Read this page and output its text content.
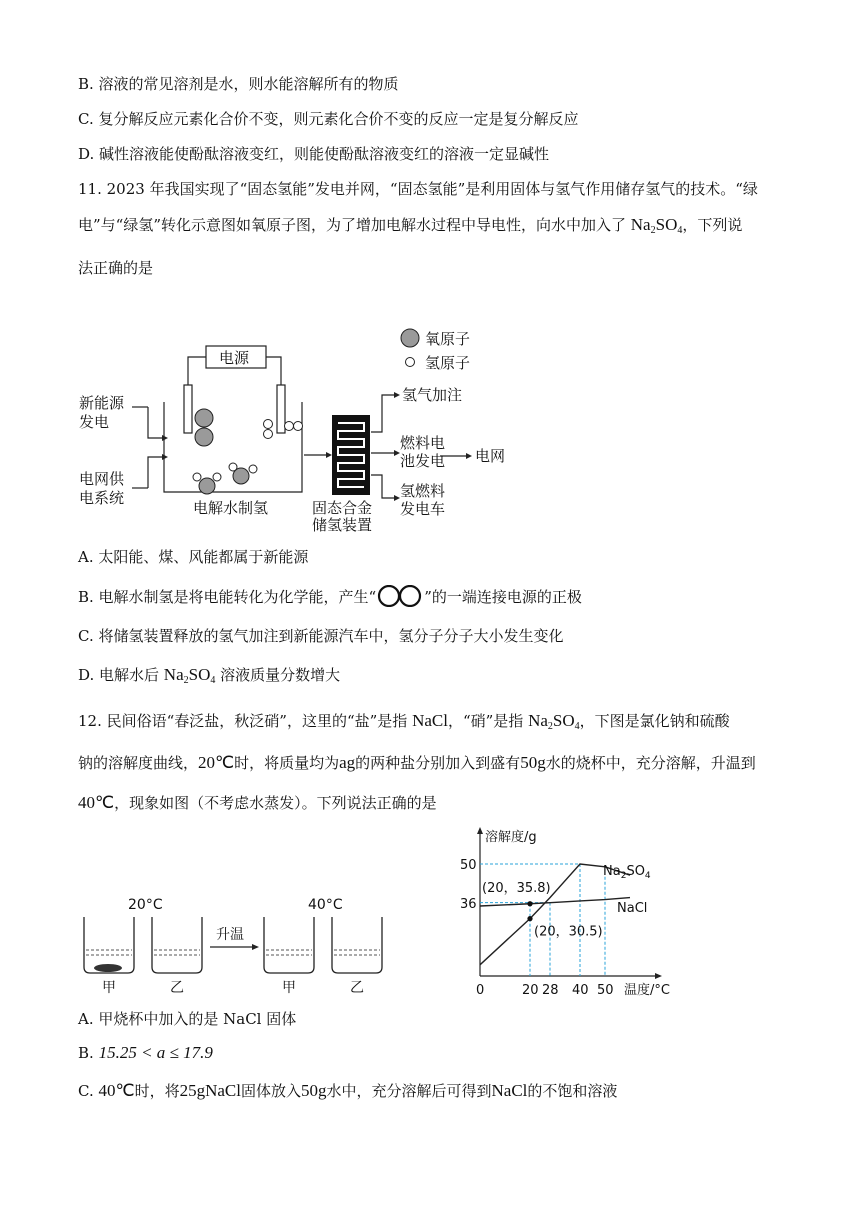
B. 溶液的常见溶剂是水，则水能溶解所有的物质
C. 复分解反应元素化合价不变，则元素化合价不变的反应一定是复分解反应
D. 碱性溶液能使酚酞溶液变红，则能使酚酞溶液变红的溶液一定显碱性
11. 2023 年我国实现了“固态氢能”发电并网，“固态氢能”是利用固体与氢气作用储存氢气的技术。“绿
电”与“绿氢”转化示意图如氧原子图，为了增加电解水过程中导电性，向水中加入了 $Na_2SO_4$，下列说
法正确的是
电源
氧原子
氢原子
新能源
发电
电网供
电系统
电解水制氢	固态合金
储氢装置
氢气加注
燃料电
池发电 电网
氢燃料
发电车
A. 太阳能、煤、风能都属于新能源
B. 电解水制氢是将电能转化为化学能，产生“	”的一端连接电源的正极
C. 将储氢装置释放的氢气加注到新能源汽车中，氢分子分子大小发生变化
D. 电解水后 $Na_2SO_4$ 溶液质量分数增大
12. 民间俗语“春泛盐，秋泛硝”，这里的“盐”是指 NaCl，“硝”是指 $Na_2SO_4$，下图是氯化钠和硫酸
钠的溶解度曲线，20℃时，将质量均为ag的两种盐分别加入到盛有50g水的烧杯中，充分溶解，升温到
40℃，现象如图（不考虑水蒸发）。下列说法正确的是
20°C	40°C
升温
甲	乙	甲	乙
(20，35.8)
(20，30.5)
50
36
0	20 28 40 50
溶解度/g
温度/°C
$Na_2SO_4$
NaCl
A. 甲烧杯中加入的是 NaCl 固体
B. 15.25 < a ≤ 17.9
C. 40℃时，将25gNaCl固体放入50g水中，充分溶解后可得到NaCl的不饱和溶液
